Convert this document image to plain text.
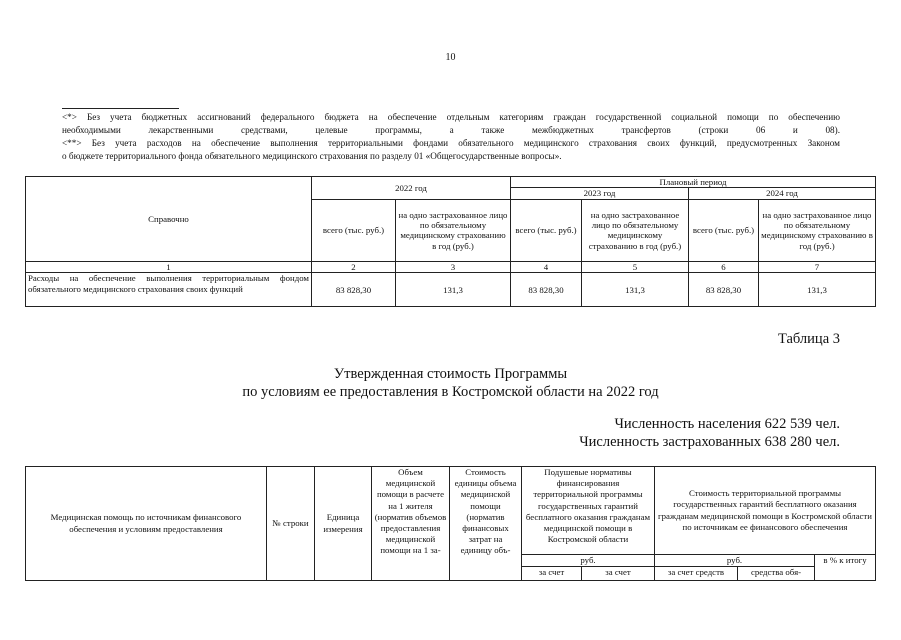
10
<*> Без учета бюджетных ассигнований федерального бюджета на обеспечение отдельным категориям граждан государственной социальной помощи по обеспечению
необходимыми лекарственными средствами, целевые программы, а также межбюджетных трансфертов (строки 06 и 08).
<**> Без учета расходов на обеспечение выполнения территориальными фондами обязательного медицинского страхования своих функций, предусмотренных Законом
о бюджете территориального фонда обязательного медицинского страхования по разделу 01 «Общегосударственные вопросы».
Справочно	2022 год		Плановый период			
			2023 год		2024 год	
	всего (тыс. руб.)	на одно застрахованное лицо по обязательному медицинскому страхованию в год (руб.)	всего (тыс. руб.)	на одно застрахованное лицо по обязательному медицинскому страхованию в год (руб.)	всего (тыс. руб.)	на одно застрахованное лицо по обязательному медицинскому страхованию в год (руб.)
1	2	3	4	5	6	7
Расходы на обеспечение выполнения территориальным фондом обязательного медицинского страхования своих функций	83 828,30	131,3	83 828,30	131,3	83 828,30	131,3
Таблица 3
Утвержденная стоимость Программы
по условиям ее предоставления в Костромской области на 2022 год
Численность населения 622 539 чел.
Численность застрахованных 638 280 чел.
Медицинская помощь по источникам финансового обеспечения и условиям предоставления	№ строки	Единица измерения	Объем медицинской помощи в расчете на 1 жителя (норматив объемов предоставления медицинской помощи на 1 за-	Стоимость единицы объема медицинской помощи (норматив финансовых затрат на единицу объ-	Подушевые нормативы финансирования территориальной программы государственных гарантий бесплатного оказания гражданам медицинской помощи в Костромской области		Стоимость территориальной программы государственных гарантий бесплатного оказания гражданам медицинской помощи в Костромской области по источникам ее финансового обеспечения		
					руб.		руб.		в % к итогу
					за счет	за счет	за счет средств	средства обя-	
